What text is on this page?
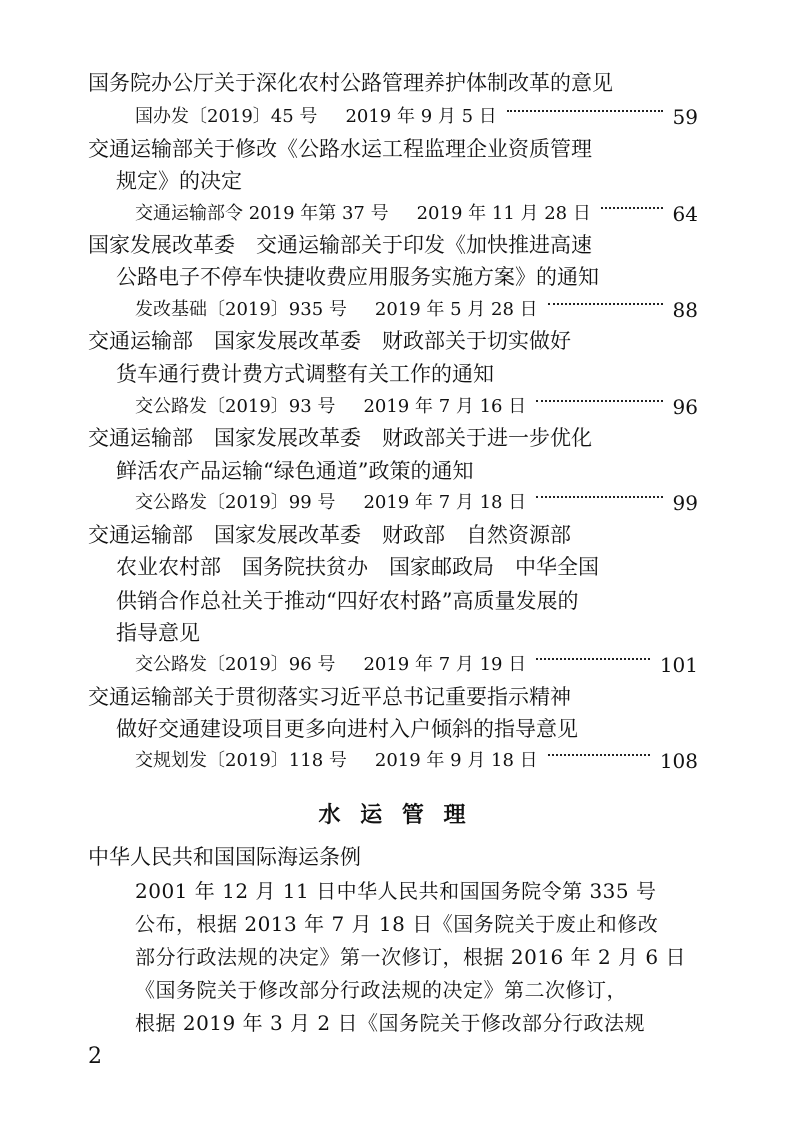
国务院办公厅关于深化农村公路管理养护体制改革的意见
国办发〔2019〕45 号 2019 年 9 月 5 日	59
交通运输部关于修改《公路水运工程监理企业资质管理
规定》的决定
交通运输部令 2019 年第 37 号 2019 年 11 月 28 日	64
国家发展改革委　交通运输部关于印发《加快推进高速
公路电子不停车快捷收费应用服务实施方案》的通知
发改基础〔2019〕935 号 2019 年 5 月 28 日	88
交通运输部　国家发展改革委　财政部关于切实做好
货车通行费计费方式调整有关工作的通知
交公路发〔2019〕93 号 2019 年 7 月 16 日	96
交通运输部　国家发展改革委　财政部关于进一步优化
鲜活农产品运输“绿色通道”政策的通知
交公路发〔2019〕99 号 2019 年 7 月 18 日	99
交通运输部　国家发展改革委　财政部　自然资源部
农业农村部　国务院扶贫办　国家邮政局　中华全国
供销合作总社关于推动“四好农村路”高质量发展的
指导意见
交公路发〔2019〕96 号 2019 年 7 月 19 日	101
交通运输部关于贯彻落实习近平总书记重要指示精神
做好交通建设项目更多向进村入户倾斜的指导意见
交规划发〔2019〕118 号 2019 年 9 月 18 日	108
水 运 管 理
中华人民共和国国际海运条例
2001 年 12 月 11 日中华人民共和国国务院令第 335 号
公布，根据 2013 年 7 月 18 日《国务院关于废止和修改
部分行政法规的决定》第一次修订，根据 2016 年 2 月 6 日
《国务院关于修改部分行政法规的决定》第二次修订，
根据 2019 年 3 月 2 日《国务院关于修改部分行政法规
2
